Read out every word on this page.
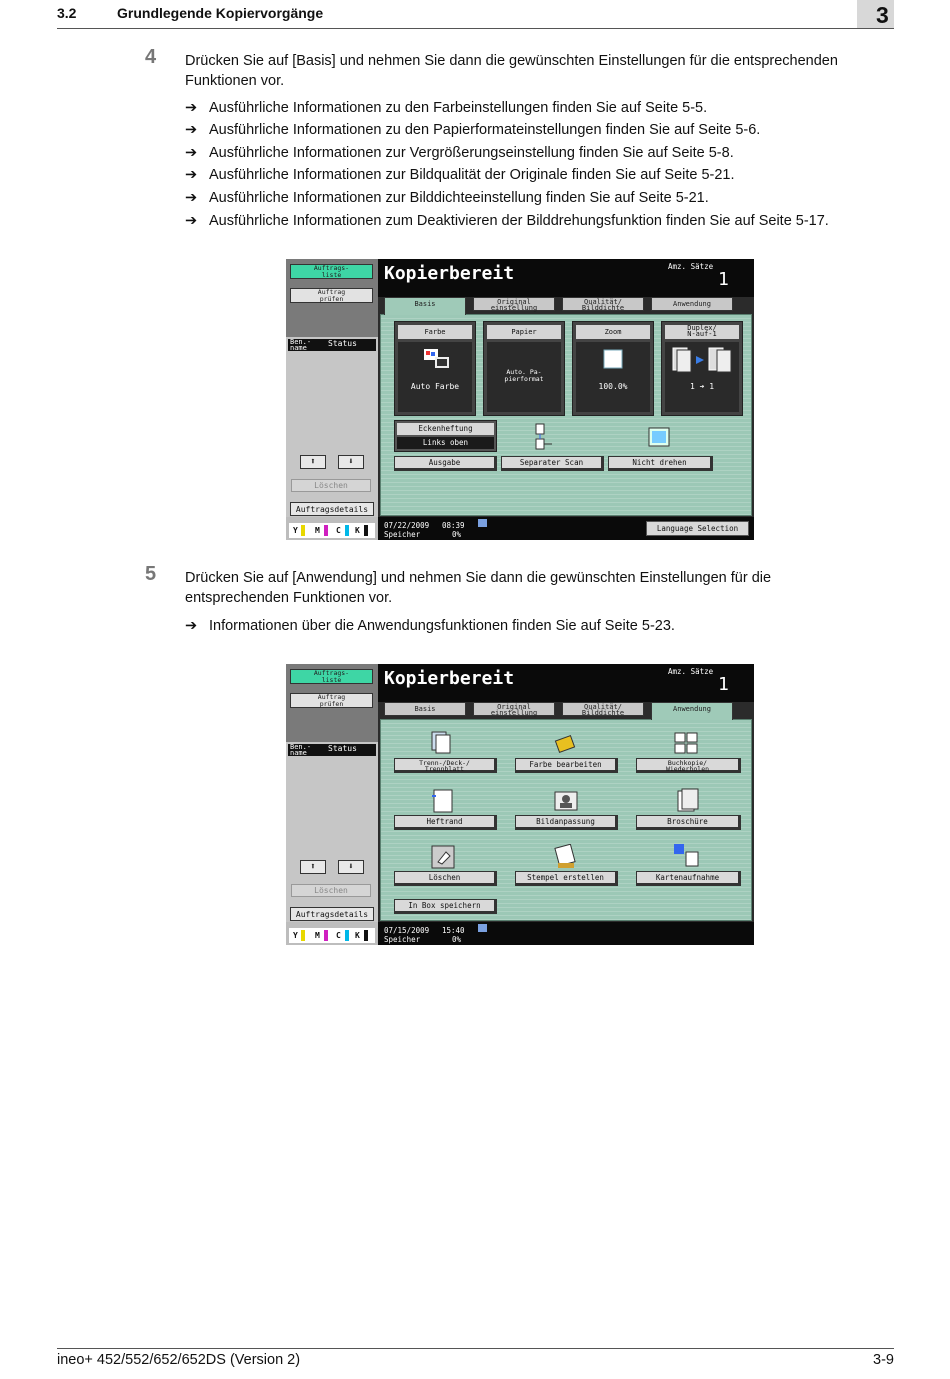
3.2	Grundlegende Kopiervorgänge	3
4 Drücken Sie auf [Basis] und nehmen Sie dann die gewünschten Einstellungen für die entsprechenden
Funktionen vor.
➔ Ausführliche Informationen zu den Farbeinstellungen finden Sie auf Seite 5-5.
➔ Ausführliche Informationen zu den Papierformateinstellungen finden Sie auf Seite 5-6.
➔ Ausführliche Informationen zur Vergrößerungseinstellung finden Sie auf Seite 5-8.
➔ Ausführliche Informationen zur Bildqualität der Originale finden Sie auf Seite 5-21.
➔ Ausführliche Informationen zur Bilddichteeinstellung finden Sie auf Seite 5-21.
➔ Ausführliche Informationen zum Deaktivieren der Bilddrehungsfunktion finden Sie auf Seite 5-17.
Auftrags-
liste
Auftrag
prüfen
Ben.-
name	Status
⬆	⬇
Löschen
Auftragsdetails
Y M C K
Kopierbereit	Amz. Sätze
1
Basis	Original
einstellung
Qualität/
Bilddichte	Anwendung
Farbe
Auto Farbe
Papier
Auto. Pa-
pierformat
Zoom
100.0%
Duplex/
N-auf-1
1 ➔ 1
Eckenheftung
Links oben
Ausgabe	Separater Scan	Nicht drehen
07/22/2009 08:39
Speicher	0%
Language Selection
5 Drücken Sie auf [Anwendung] und nehmen Sie dann die gewünschten Einstellungen für die
entsprechenden Funktionen vor.
➔ Informationen über die Anwendungsfunktionen finden Sie auf Seite 5-23.
Auftrags-
liste
Auftrag
prüfen
Ben.-
name	Status
⬆	⬇
Löschen
Auftragsdetails
Y M C K
Kopierbereit	Amz. Sätze
1
Basis	Original
einstellung
Qualität/
Bilddichte	Anwendung
Trenn-/Deck-/
Trennblatt	Farbe bearbeiten	Buchkopie/
Wiederholen
Heftrand	Bildanpassung	Broschüre
Löschen	Stempel erstellen	Kartenaufnahme
In Box speichern
07/15/2009 15:40
Speicher	0%
ineo+ 452/552/652/652DS (Version 2)	3-9
